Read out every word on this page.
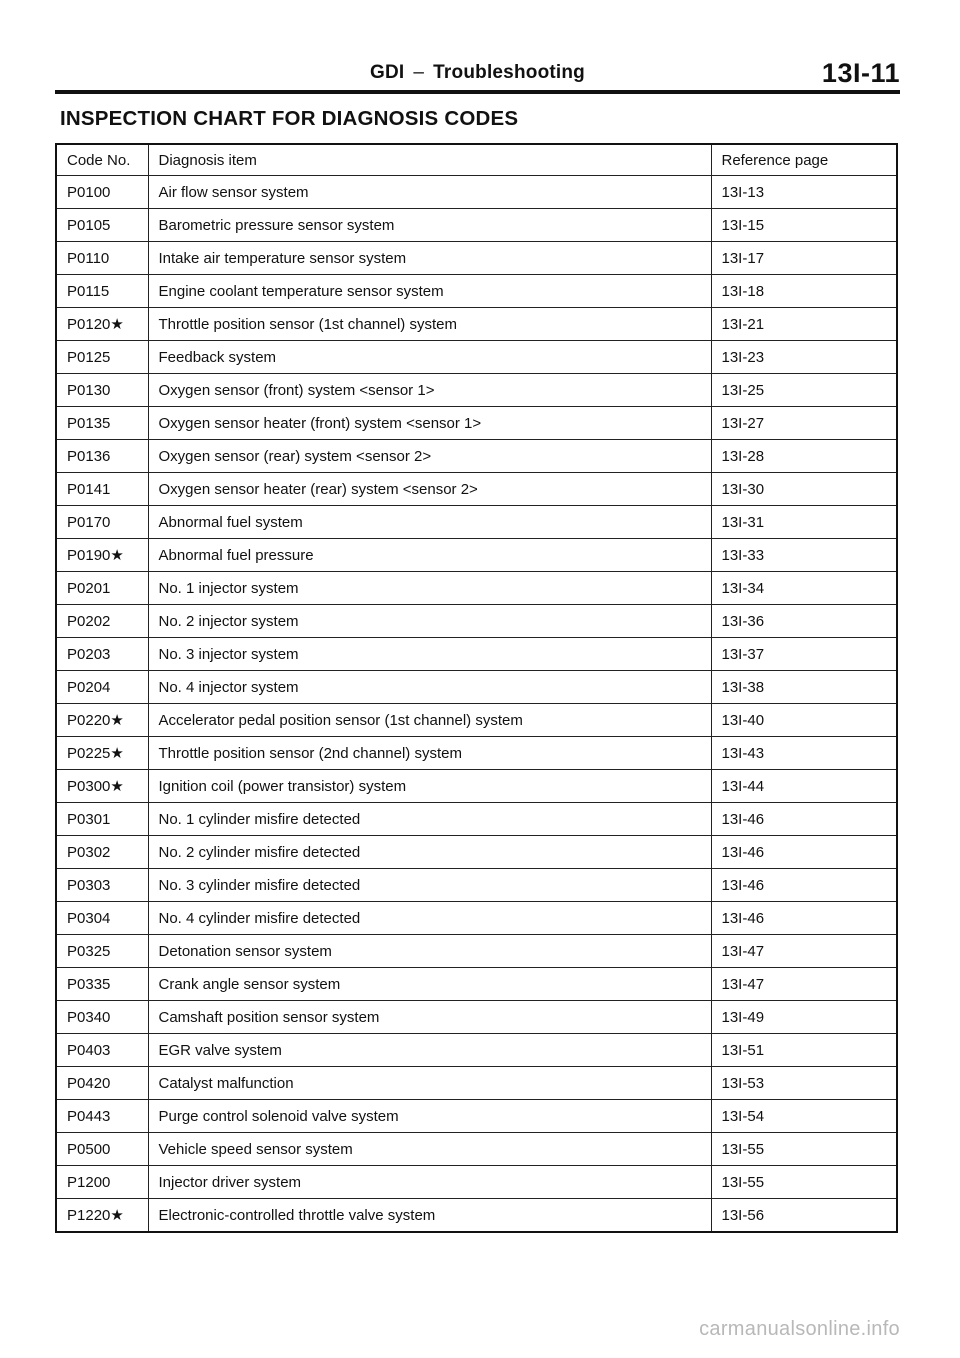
GDI – Troubleshooting	13I-11
INSPECTION CHART FOR DIAGNOSIS CODES
Code No.	Diagnosis item	Reference page
P0100	Air flow sensor system	13I-13
P0105	Barometric pressure sensor system	13I-15
P0110	Intake air temperature sensor system	13I-17
P0115	Engine coolant temperature sensor system	13I-18
P0120★	Throttle position sensor (1st channel) system	13I-21
P0125	Feedback system	13I-23
P0130	Oxygen sensor (front) system <sensor 1>	13I-25
P0135	Oxygen sensor heater (front) system <sensor 1>	13I-27
P0136	Oxygen sensor (rear) system <sensor 2>	13I-28
P0141	Oxygen sensor heater (rear) system <sensor 2>	13I-30
P0170	Abnormal fuel system	13I-31
P0190★	Abnormal fuel pressure	13I-33
P0201	No. 1 injector system	13I-34
P0202	No. 2 injector system	13I-36
P0203	No. 3 injector system	13I-37
P0204	No. 4 injector system	13I-38
P0220★	Accelerator pedal position sensor (1st channel) system	13I-40
P0225★	Throttle position sensor (2nd channel) system	13I-43
P0300★	Ignition coil (power transistor) system	13I-44
P0301	No. 1 cylinder misfire detected	13I-46
P0302	No. 2 cylinder misfire detected	13I-46
P0303	No. 3 cylinder misfire detected	13I-46
P0304	No. 4 cylinder misfire detected	13I-46
P0325	Detonation sensor system	13I-47
P0335	Crank angle sensor system	13I-47
P0340	Camshaft position sensor system	13I-49
P0403	EGR valve system	13I-51
P0420	Catalyst malfunction	13I-53
P0443	Purge control solenoid valve system	13I-54
P0500	Vehicle speed sensor system	13I-55
P1200	Injector driver system	13I-55
P1220★	Electronic-controlled throttle valve system	13I-56
carmanualsonline.info
